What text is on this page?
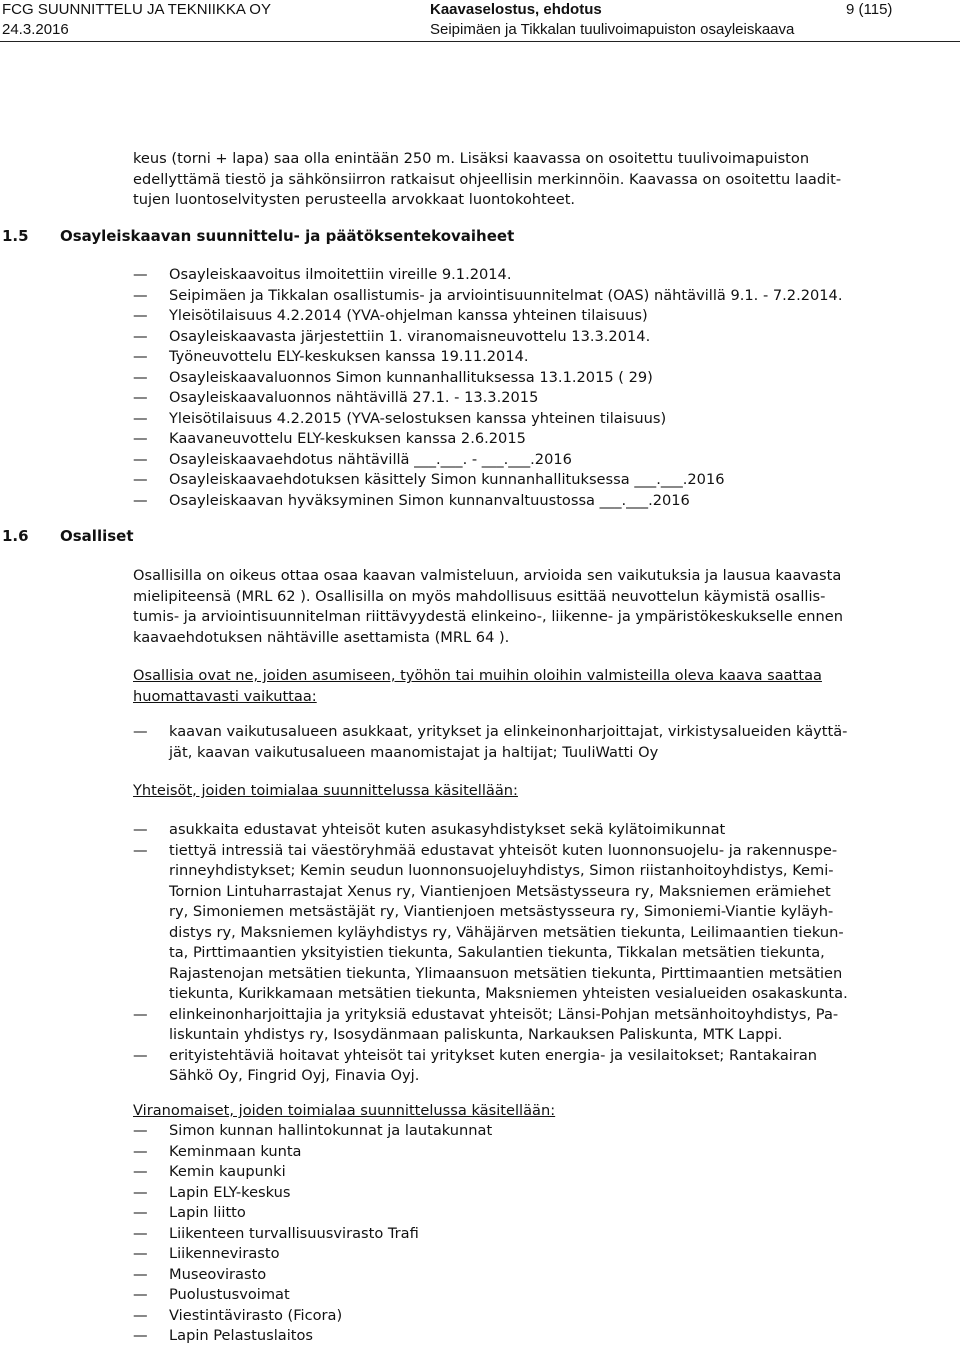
FCG SUUNNITTELU JA TEKNIIKKA OY	Kaavaselostus, ehdotus	9 (115)
24.3.2016	Seipimäen ja Tikkalan tuulivoimapuiston osayleiskaava

keus (torni + lapa) saa olla enintään 250 m. Lisäksi kaavassa on osoitettu tuulivoimapuiston

edellyttämä tiestö ja sähkönsiirron ratkaisut ohjeellisin merkinnöin. Kaavassa on osoitettu laadit-

tujen luontoselvitysten perusteella arvokkaat luontokohteet.

1.5 Osayleiskaavan suunnittelu- ja päätöksentekovaiheet
— Osayleiskaavoitus ilmoitettiin vireille 9.1.2014.
— Seipimäen ja Tikkalan osallistumis- ja arviointisuunnitelmat (OAS) nähtävillä 9.1. - 7.2.2014.
— Yleisötilaisuus 4.2.2014 (YVA-ohjelman kanssa yhteinen tilaisuus)
— Osayleiskaavasta järjestettiin 1. viranomaisneuvottelu 13.3.2014.
— Työneuvottelu ELY-keskuksen kanssa 19.11.2014.
— Osayleiskaavaluonnos Simon kunnanhallituksessa 13.1.2015 ( 29)
— Osayleiskaavaluonnos nähtävillä 27.1. - 13.3.2015
— Yleisötilaisuus 4.2.2015 (YVA-selostuksen kanssa yhteinen tilaisuus)
— Kaavaneuvottelu ELY-keskuksen kanssa 2.6.2015
— Osayleiskaavaehdotus nähtävillä ___.___. - ___.___.2016
— Osayleiskaavaehdotuksen käsittely Simon kunnanhallituksessa ___.___.2016
— Osayleiskaavan hyväksyminen Simon kunnanvaltuustossa ___.___.2016
1.6 Osalliset

Osallisilla on oikeus ottaa osaa kaavan valmisteluun, arvioida sen vaikutuksia ja lausua kaavasta

mielipiteensä (MRL 62 ). Osallisilla on myös mahdollisuus esittää neuvottelun käymistä osallis-

tumis- ja arviointisuunnitelman riittävyydestä elinkeino-, liikenne- ja ympäristökeskukselle ennen

kaavaehdotuksen nähtäville asettamista (MRL 64 ).

Osallisia ovat ne, joiden asumiseen, työhön tai muihin oloihin valmisteilla oleva kaava saattaa

huomattavasti vaikuttaa:

— kaavan vaikutusalueen asukkaat, yritykset ja elinkeinonharjoittajat, virkistysalueiden käyttä-

jät, kaavan vaikutusalueen maanomistajat ja haltijat; TuuliWatti Oy

Yhteisöt, joiden toimialaa suunnittelussa käsitellään:

— asukkaita edustavat yhteisöt kuten asukasyhdistykset sekä kylätoimikunnat

— tiettyä intressiä tai väestöryhmää edustavat yhteisöt kuten luonnonsuojelu- ja rakennuspe-

rinneyhdistykset; Kemin seudun luonnonsuojeluyhdistys, Simon riistanhoitoyhdistys, Kemi-

Tornion Lintuharrastajat Xenus ry, Viantienjoen Metsästysseura ry, Maksniemen erämiehet

ry, Simoniemen metsästäjät ry, Viantienjoen metsästysseura ry, Simoniemi-Viantie kyläyh-

distys ry, Maksniemen kyläyhdistys ry, Vähäjärven metsätien tiekunta, Leilimaantien tiekun-

ta, Pirttimaantien yksityistien tiekunta, Sakulantien tiekunta, Tikkalan metsätien tiekunta,

Rajastenojan metsätien tiekunta, Ylimaansuon metsätien tiekunta, Pirttimaantien metsätien

tiekunta, Kurikkamaan metsätien tiekunta, Maksniemen yhteisten vesialueiden osakaskunta.

— elinkeinonharjoittajia ja yrityksiä edustavat yhteisöt; Länsi-Pohjan metsänhoitoyhdistys, Pa-

liskuntain yhdistys ry, Isosydänmaan paliskunta, Narkauksen Paliskunta, MTK Lappi.

— erityistehtäviä hoitavat yhteisöt tai yritykset kuten energia- ja vesilaitokset; Rantakairan

Sähkö Oy, Fingrid Oyj, Finavia Oyj.

Viranomaiset, joiden toimialaa suunnittelussa käsitellään:
— Simon kunnan hallintokunnat ja lautakunnat
— Keminmaan kunta
— Kemin kaupunki
— Lapin ELY-keskus
— Lapin liitto
— Liikenteen turvallisuusvirasto Trafi
— Liikennevirasto
— Museovirasto
— Puolustusvoimat
— Viestintävirasto (Ficora)
— Lapin Pelastuslaitos
